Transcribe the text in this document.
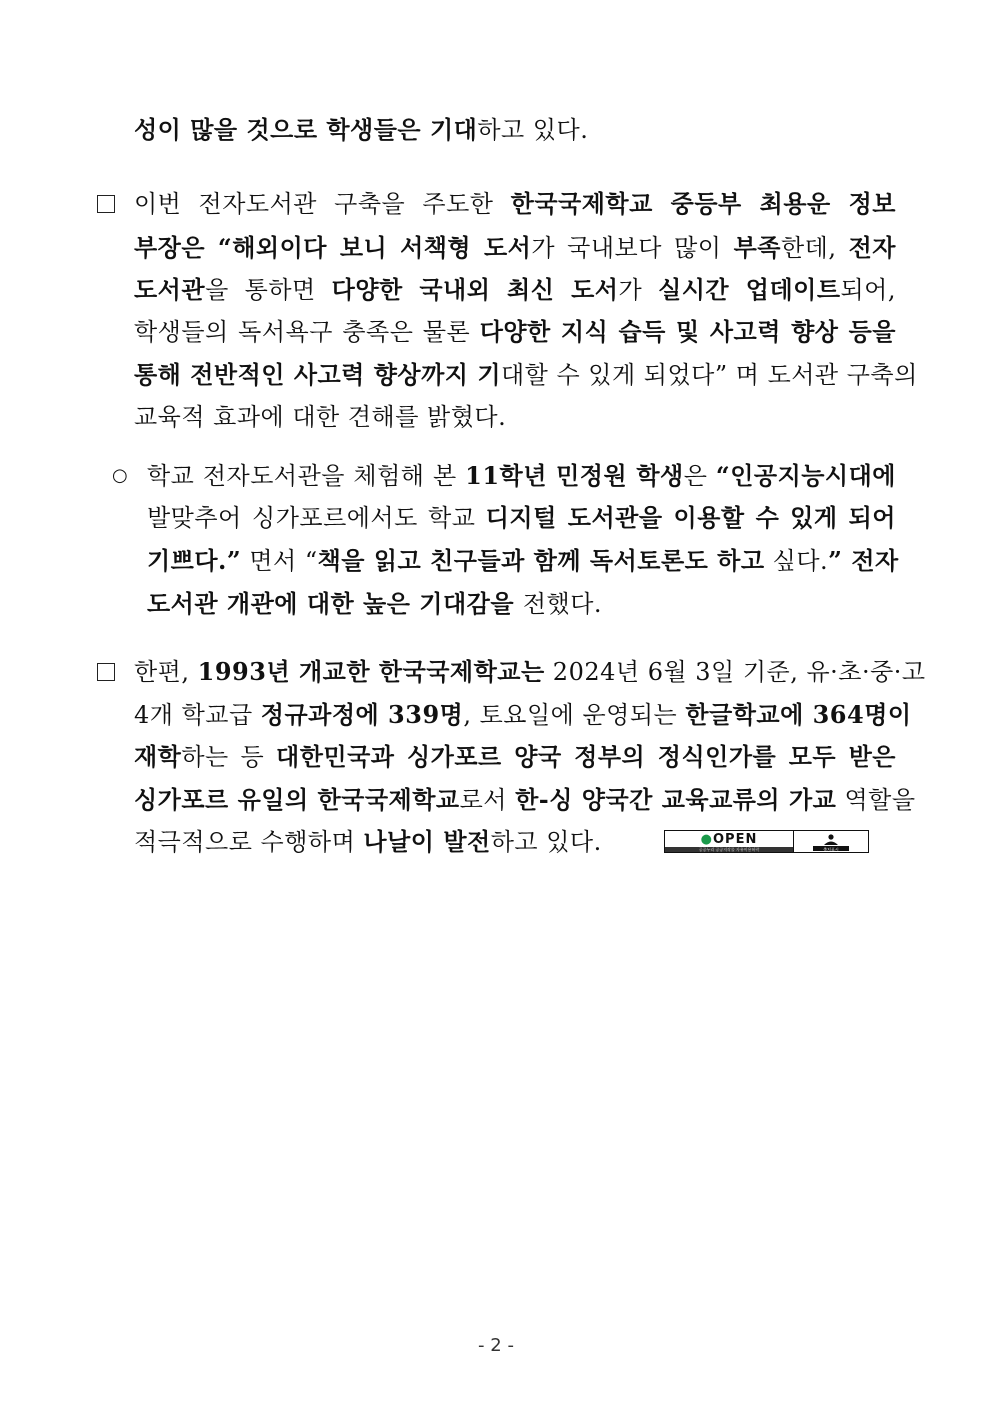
성이 많을 것으로 학생들은 기대하고 있다.
이번 전자도서관 구축을 주도한 한국국제학교 중등부 최용운 정보
부장은 “해외이다 보니 서책형 도서가 국내보다 많이 부족한데, 전자
도서관을 통하면 다양한 국내외 최신 도서가 실시간 업데이트되어,
학생들의 독서욕구 충족은 물론 다양한 지식 습득 및 사고력 향상 등을
통해 전반적인 사고력 향상까지 기대할 수 있게 되었다” 며 도서관 구축의
교육적 효과에 대한 견해를 밝혔다.
○ 학교 전자도서관을 체험해 본 11학년 민정원 학생은 “인공지능시대에
발맞추어 싱가포르에서도 학교 디지털 도서관을 이용할 수 있게 되어
기쁘다.” 면서 “책을 읽고 친구들과 함께 독서토론도 하고 싶다.” 전자
도서관 개관에 대한 높은 기대감을 전했다.
한편, 1993년 개교한 한국국제학교는 2024년 6월 3일 기준, 유·초·중·고
4개 학교급 정규과정에 339명, 토요일에 운영되는 한글학교에 364명이
재학하는 등 대한민국과 싱가포르 양국 정부의 정식인가를 모두 받은
싱가포르 유일의 한국국제학교로서 한-싱 양국간 교육교류의 가교 역할을
적극적으로 수행하며 나날이 발전하고 있다.	●OPEN
공공누리 공공저작물 자유이용허락	출처표시
- 2 -
